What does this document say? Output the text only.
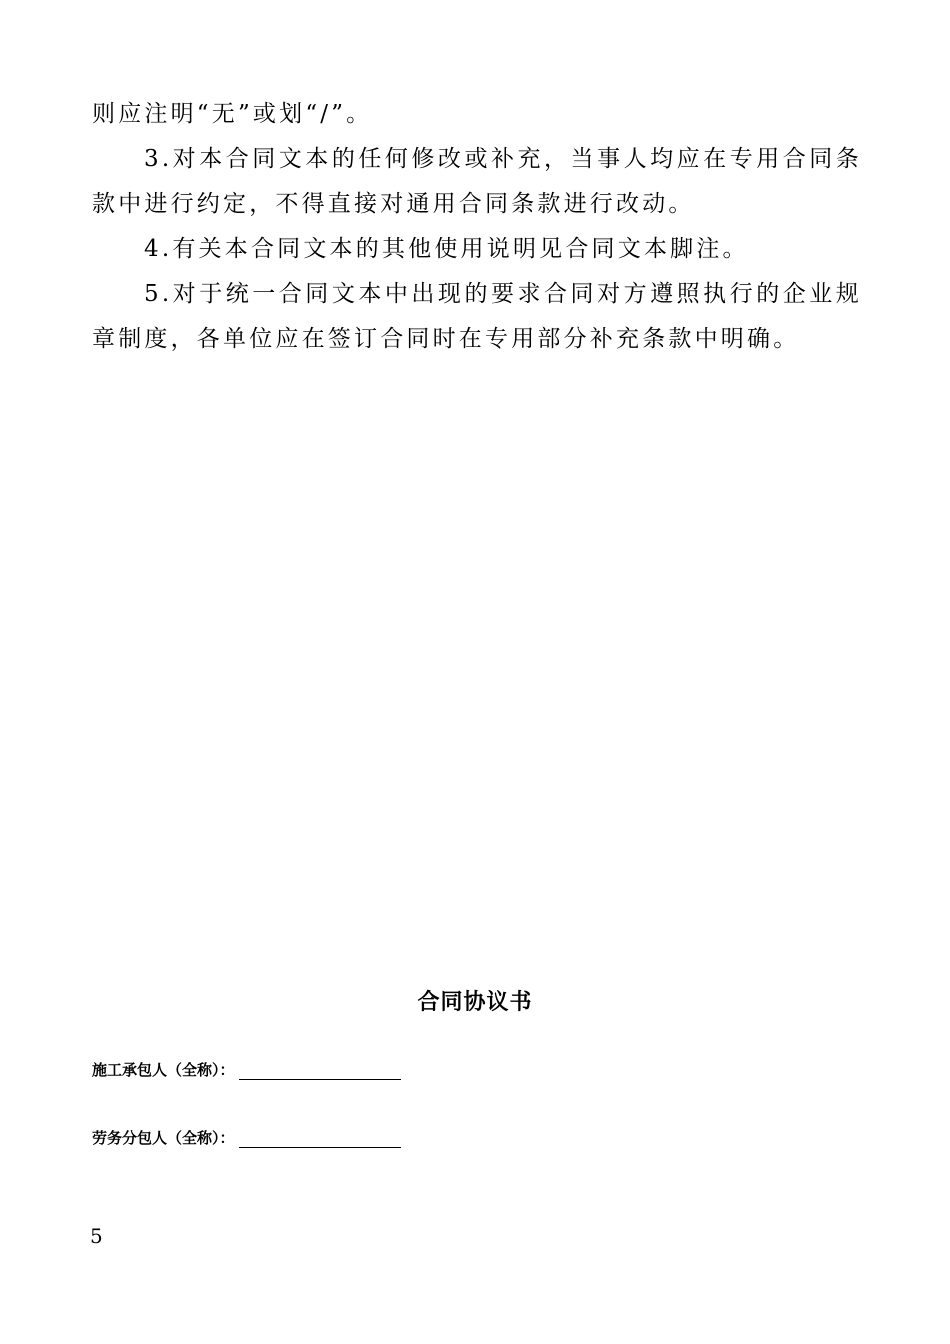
则应注明“无”或划“/”。

3.对本合同文本的任何修改或补充，当事人均应在专用合同条款中进行约定，不得直接对通用合同条款进行改动。

4.有关本合同文本的其他使用说明见合同文本脚注。

5.对于统一合同文本中出现的要求合同对方遵照执行的企业规章制度，各单位应在签订合同时在专用部分补充条款中明确。

合同协议书
施工承包人（全称）：
劳务分包人（全称）：
5
